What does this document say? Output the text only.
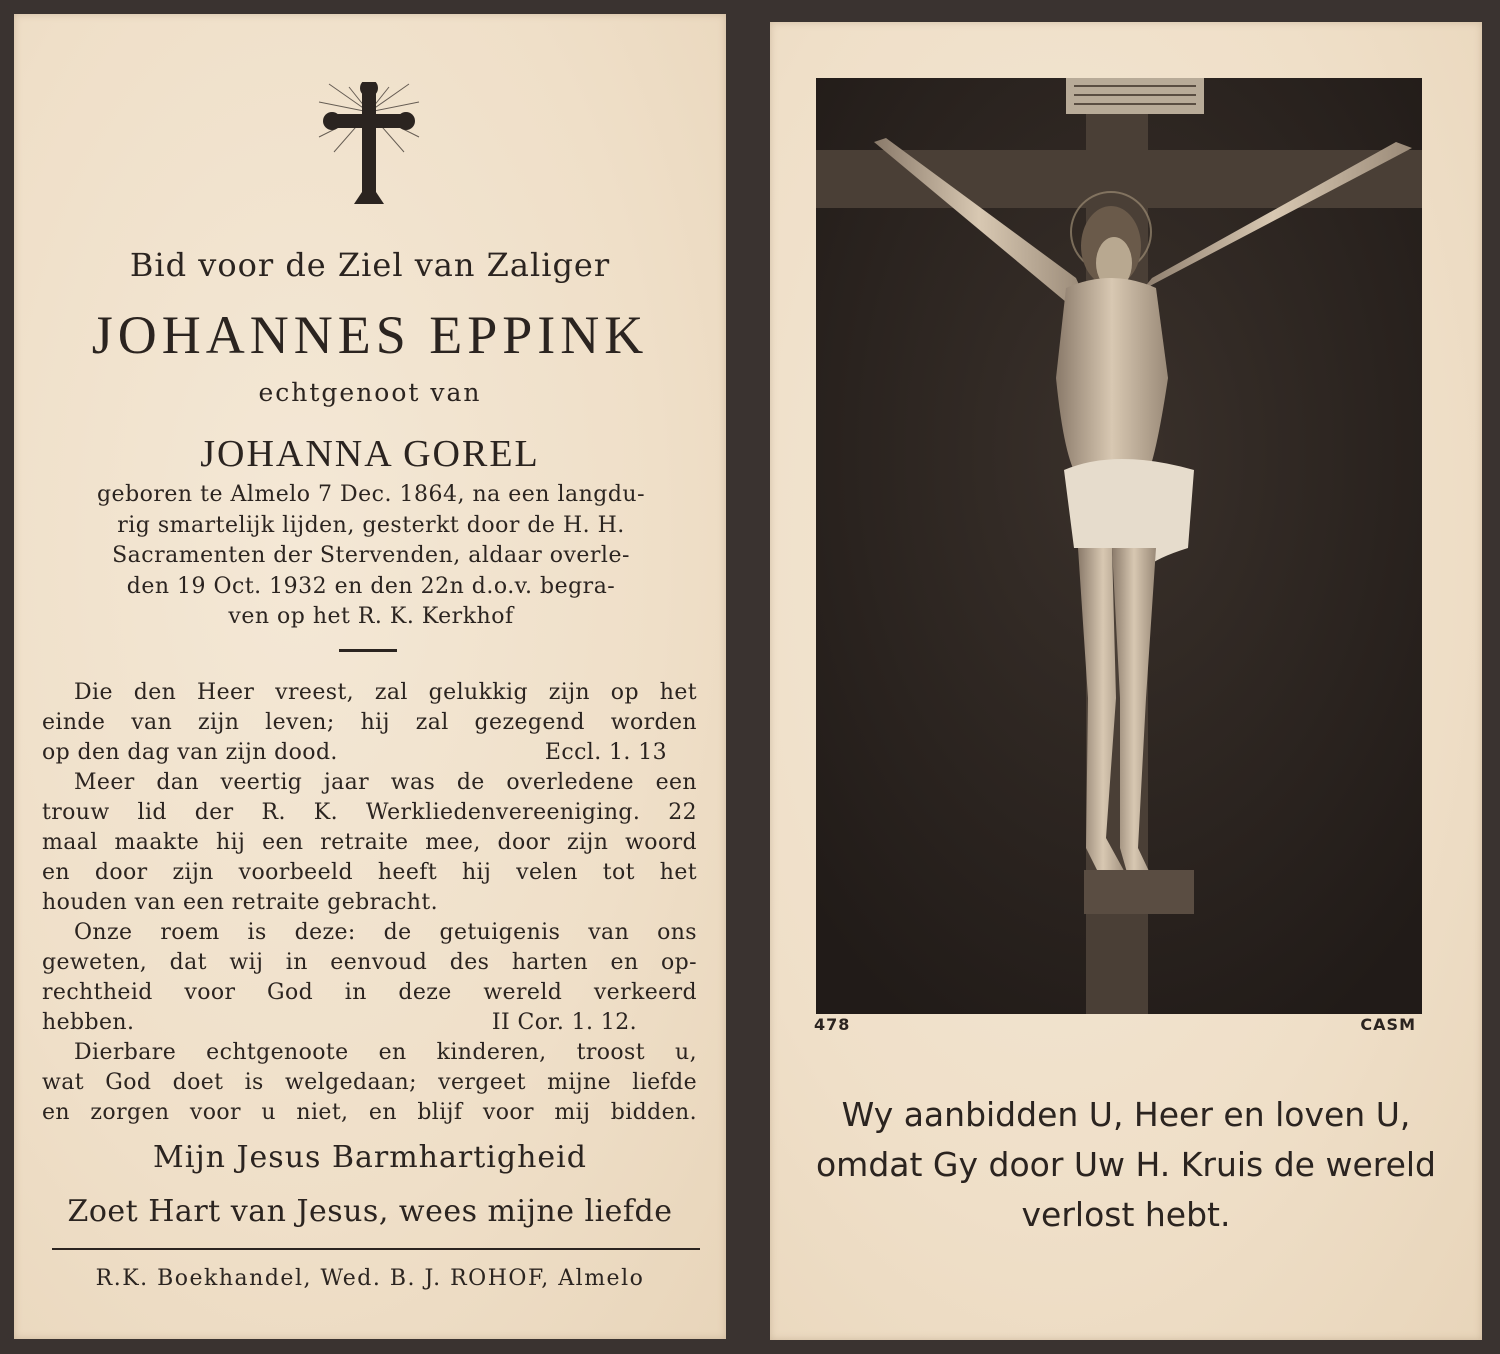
Bid voor de Ziel van Zaliger
JOHANNES EPPINK
echtgenoot van
JOHANNA GOREL
geboren te Almelo 7 Dec. 1864, na een langdu-
rig smartelijk lijden, gesterkt door de H. H.
Sacramenten der Stervenden, aldaar overle-
den 19 Oct. 1932 en den 22n d.o.v. begra-
ven op het R. K. Kerkhof
Die den Heer vreest, zal gelukkig zijn op het
einde van zijn leven; hij zal gezegend worden
op den dag van zijn dood.	Eccl. 1. 13
Meer dan veertig jaar was de overledene een
trouw lid der R. K. Werkliedenvereeniging. 22
maal maakte hij een retraite mee, door zijn woord
en door zijn voorbeeld heeft hij velen tot het
houden van een retraite gebracht.
Onze roem is deze: de getuigenis van ons
geweten, dat wij in eenvoud des harten en op-
rechtheid voor God in deze wereld verkeerd
hebben.	II Cor. 1. 12.
Dierbare echtgenoote en kinderen, troost u,
wat God doet is welgedaan; vergeet mijne liefde
en zorgen voor u niet, en blijf voor mij bidden.
Mijn Jesus Barmhartigheid
Zoet Hart van Jesus, wees mijne liefde
R.K. Boekhandel, Wed. B. J. ROHOF, Almelo
478	CASM
Wy aanbidden U, Heer en loven U,
omdat Gy door Uw H. Kruis de wereld
verlost hebt.
